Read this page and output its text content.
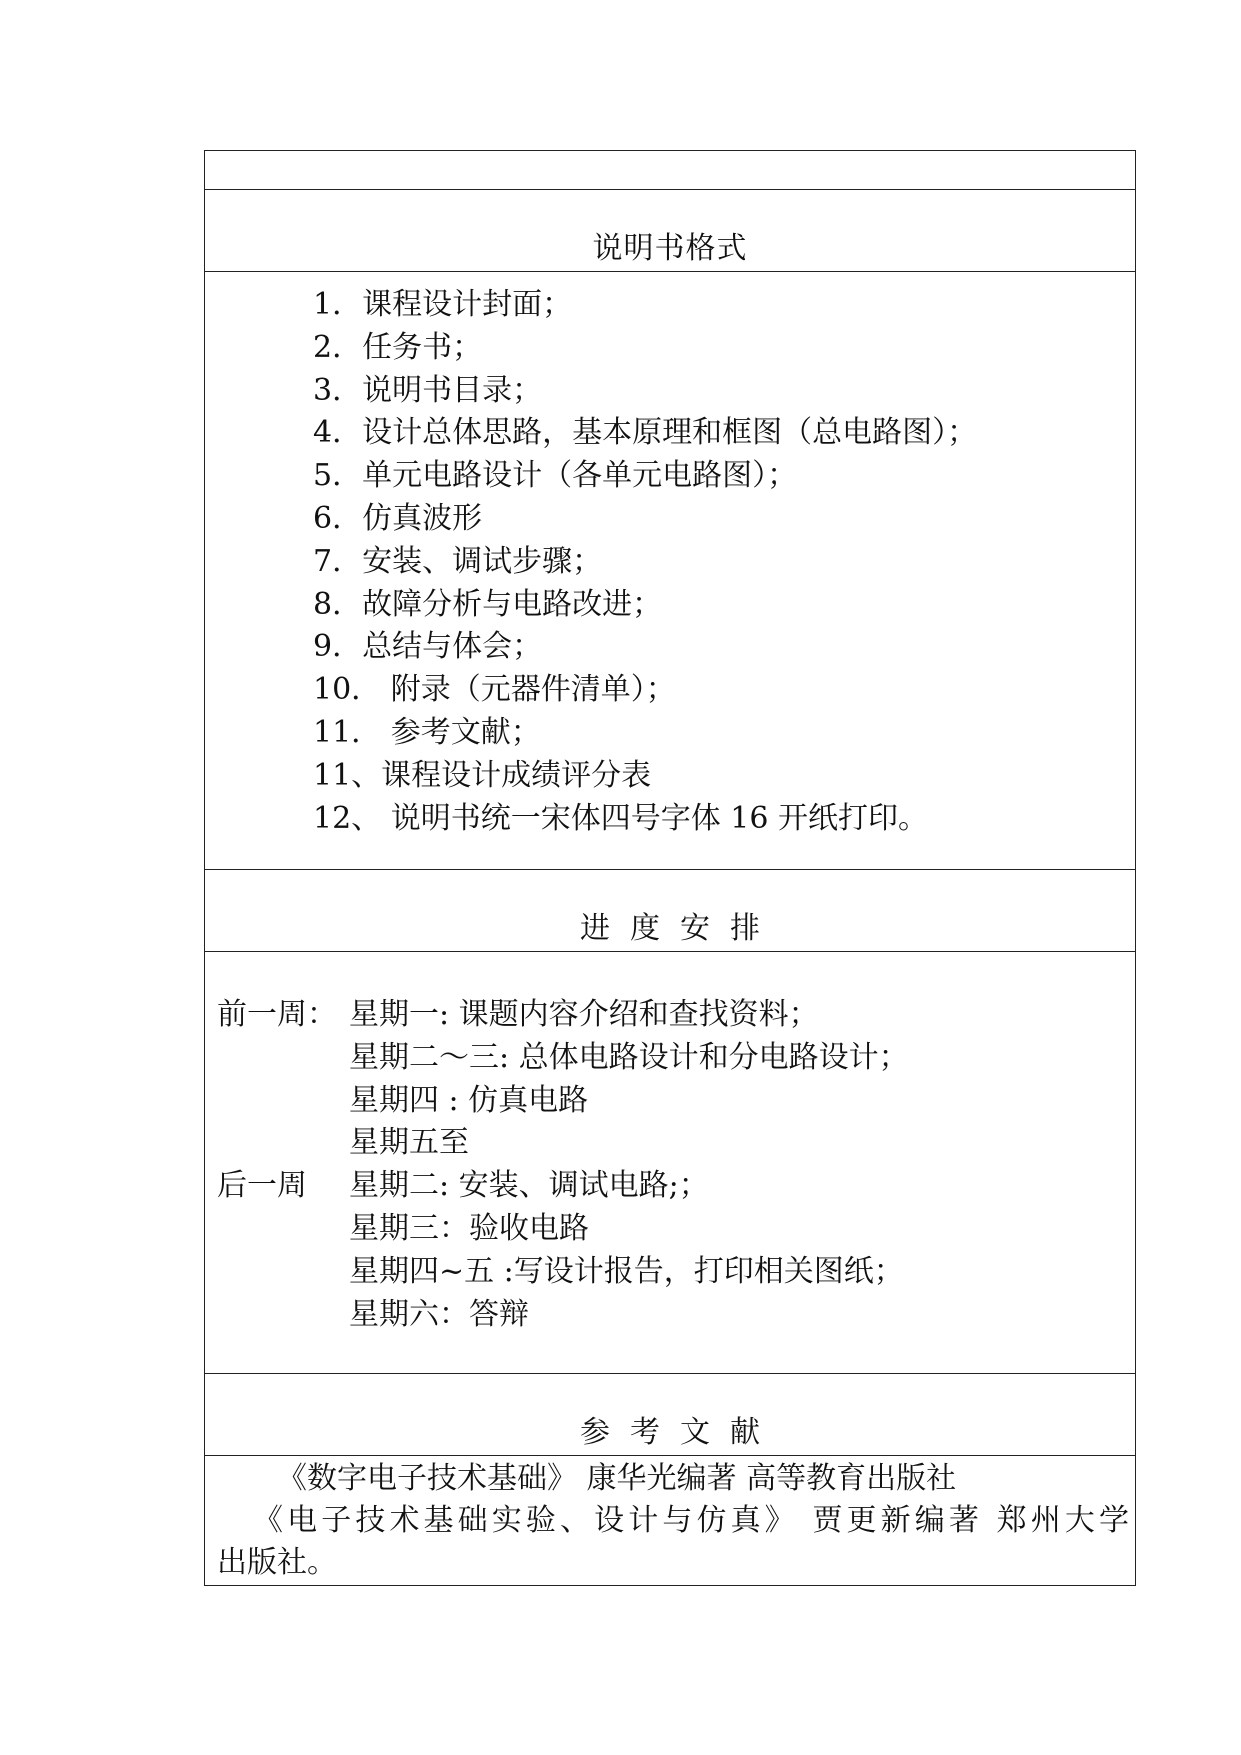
说明书格式
1．课程设计封面；
2．任务书；
3．说明书目录；
4．设计总体思路，基本原理和框图（总电路图）；
5．单元电路设计（各单元电路图）；
6．仿真波形
7．安装、调试步骤；
8．故障分析与电路改进；
9．总结与体会；
10． 附录（元器件清单）；
11． 参考文献；
11、课程设计成绩评分表
12、 说明书统一宋体四号字体 16 开纸打印。
进度安排
前一周： 星期一: 课题内容介绍和查找资料；
星期二～三: 总体电路设计和分电路设计；
星期四 : 仿真电路
星期五至
后一周	星期二: 安装、调试电路;；
星期三：验收电路
星期四~五 :写设计报告，打印相关图纸；
星期六：答辩
参考文献
《数字电子技术基础》 康华光编著 高等教育出版社
《电子技术基础实验、设计与仿真》 贾更新编著 郑州大学
出版社。
